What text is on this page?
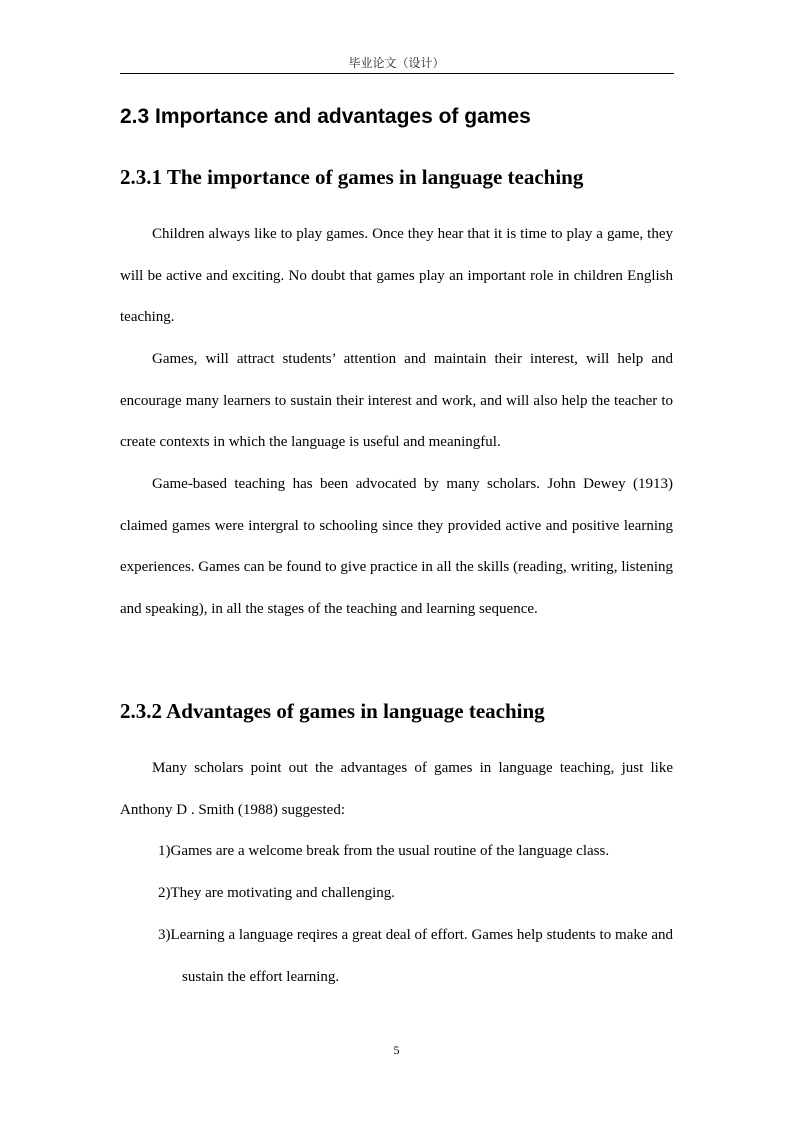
毕业论文（设计）
2.3 Importance and advantages of games
2.3.1 The importance of games in language teaching

Children always like to play games. Once they hear that it is time to play a game, they will be active and exciting. No doubt that games play an important role in children English teaching.

Games, will attract students’ attention and maintain their interest, will help and encourage many learners to sustain their interest and work, and will also help the teacher to create contexts in which the language is useful and meaningful.

Game-based teaching has been advocated by many scholars. John Dewey (1913) claimed games were intergral to schooling since they provided active and positive learning experiences. Games can be found to give practice in all the skills (reading, writing, listening and speaking), in all the stages of the teaching and learning sequence.

2.3.2 Advantages of games in language teaching

Many scholars point out the advantages of games in language teaching, just like Anthony D . Smith (1988) suggested:

1)Games are a welcome break from the usual routine of the language class.

2)They are motivating and challenging.

3)Learning a language reqires a great deal of effort. Games help students to make and sustain the effort learning.

5
